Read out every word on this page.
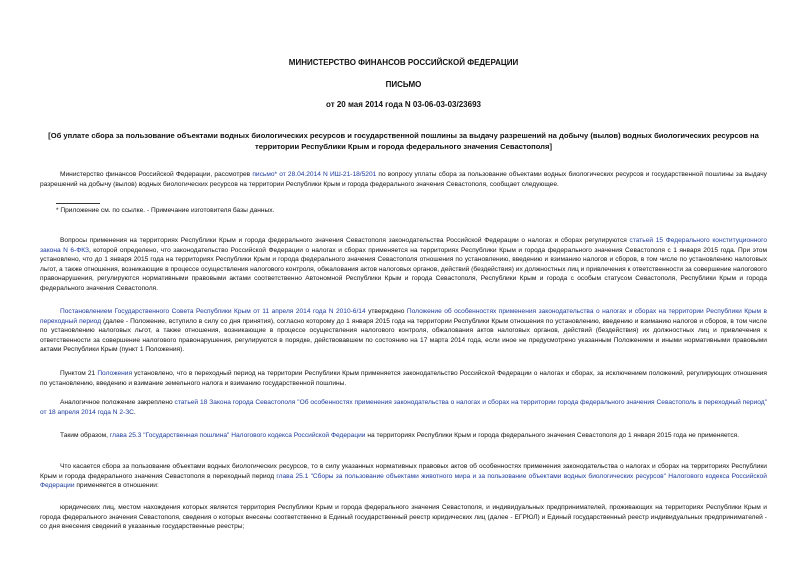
МИНИСТЕРСТВО ФИНАНСОВ РОССИЙСКОЙ ФЕДЕРАЦИИ
ПИСЬМО
от 20 мая 2014 года N 03-06-03-03/23693
[Об уплате сбора за пользование объектами водных биологических ресурсов и государственной пошлины за выдачу разрешений на добычу (вылов) водных биологических ресурсов на территории Республики Крым и города федерального значения Севастополя]

Министерство финансов Российской Федерации, рассмотрев письмо* от 28.04.2014 N ИШ-21-18/5201 по вопросу уплаты сбора за пользование объектами водных биологических ресурсов и государственной пошлины за выдачу разрешений на добычу (вылов) водных биологических ресурсов на территории Республики Крым и города федерального значения Севастополя, сообщает следующее.

* Приложение см. по ссылке. - Примечание изготовителя базы данных.

Вопросы применения на территориях Республики Крым и города федерального значения Севастополя законодательства Российской Федерации о налогах и сборах регулируются статьей 15 Федерального конституционного закона N 6-ФКЗ, которой определено, что законодательство Российской Федерации о налогах и сборах применяется на территориях Республики Крым и города федерального значения Севастополя с 1 января 2015 года. При этом установлено, что до 1 января 2015 года на территориях Республики Крым и города федерального значения Севастополя отношения по установлению, введению и взиманию налогов и сборов, в том числе по установлению налоговых льгот, а также отношения, возникающие в процессе осуществления налогового контроля, обжалования актов налоговых органов, действий (бездействия) их должностных лиц и привлечения к ответственности за совершение налогового правонарушения, регулируются нормативными правовыми актами соответственно Автономной Республики Крым и города Севастополя, Республики Крым и города с особым статусом Севастополя, Республики Крым и города федерального значения Севастополя.

Постановлением Государственного Совета Республики Крым от 11 апреля 2014 года N 2010-6/14 утверждено Положение об особенностях применения законодательства о налогах и сборах на территории Республики Крым в переходный период (далее - Положение, вступило в силу со дня принятия), согласно которому до 1 января 2015 года на территории Республики Крым отношения по установлению, введению и взиманию налогов и сборов, в том числе по установлению налоговых льгот, а также отношения, возникающие в процессе осуществления налогового контроля, обжалования актов налоговых органов, действий (бездействия) их должностных лиц и привлечения к ответственности за совершение налогового правонарушения, регулируются в порядке, действовавшем по состоянию на 17 марта 2014 года, если иное не предусмотрено указанным Положением и иными нормативными правовыми актами Республики Крым (пункт 1 Положения).

Пунктом 21 Положения установлено, что в переходный период на территории Республики Крым применяется законодательство Российской Федерации о налогах и сборах, за исключением положений, регулирующих отношения по установлению, введению и взимание земельного налога и взиманию государственной пошлины.

Аналогичное положение закреплено статьей 18 Закона города Севастополя "Об особенностях применения законодательства о налогах и сборах на территории города федерального значения Севастополь в переходный период" от 18 апреля 2014 года N 2-ЗС.

Таким образом, глава 25.3 "Государственная пошлина" Налогового кодекса Российской Федерации на территориях Республики Крым и города федерального значения Севастополя до 1 января 2015 года не применяется.

Что касается сбора за пользование объектами водных биологических ресурсов, то в силу указанных нормативных правовых актов об особенностях применения законодательства о налогах и сборах на территориях Республики Крым и города федерального значения Севастополя в переходный период глава 25.1 "Сборы за пользование объектами животного мира и за пользование объектами водных биологических ресурсов" Налогового кодекса Российской Федерации применяется в отношении:

юридических лиц, местом нахождения которых является территория Республики Крым и города федерального значения Севастополя, и индивидуальных предпринимателей, проживающих на территориях Республики Крым и города федерального значения Севастополя, сведения о которых внесены соответственно в Единый государственный реестр юридических лиц (далее - ЕГРЮЛ) и Единый государственный реестр индивидуальных предпринимателей - со дня внесения сведений в указанные государственные реестры;
